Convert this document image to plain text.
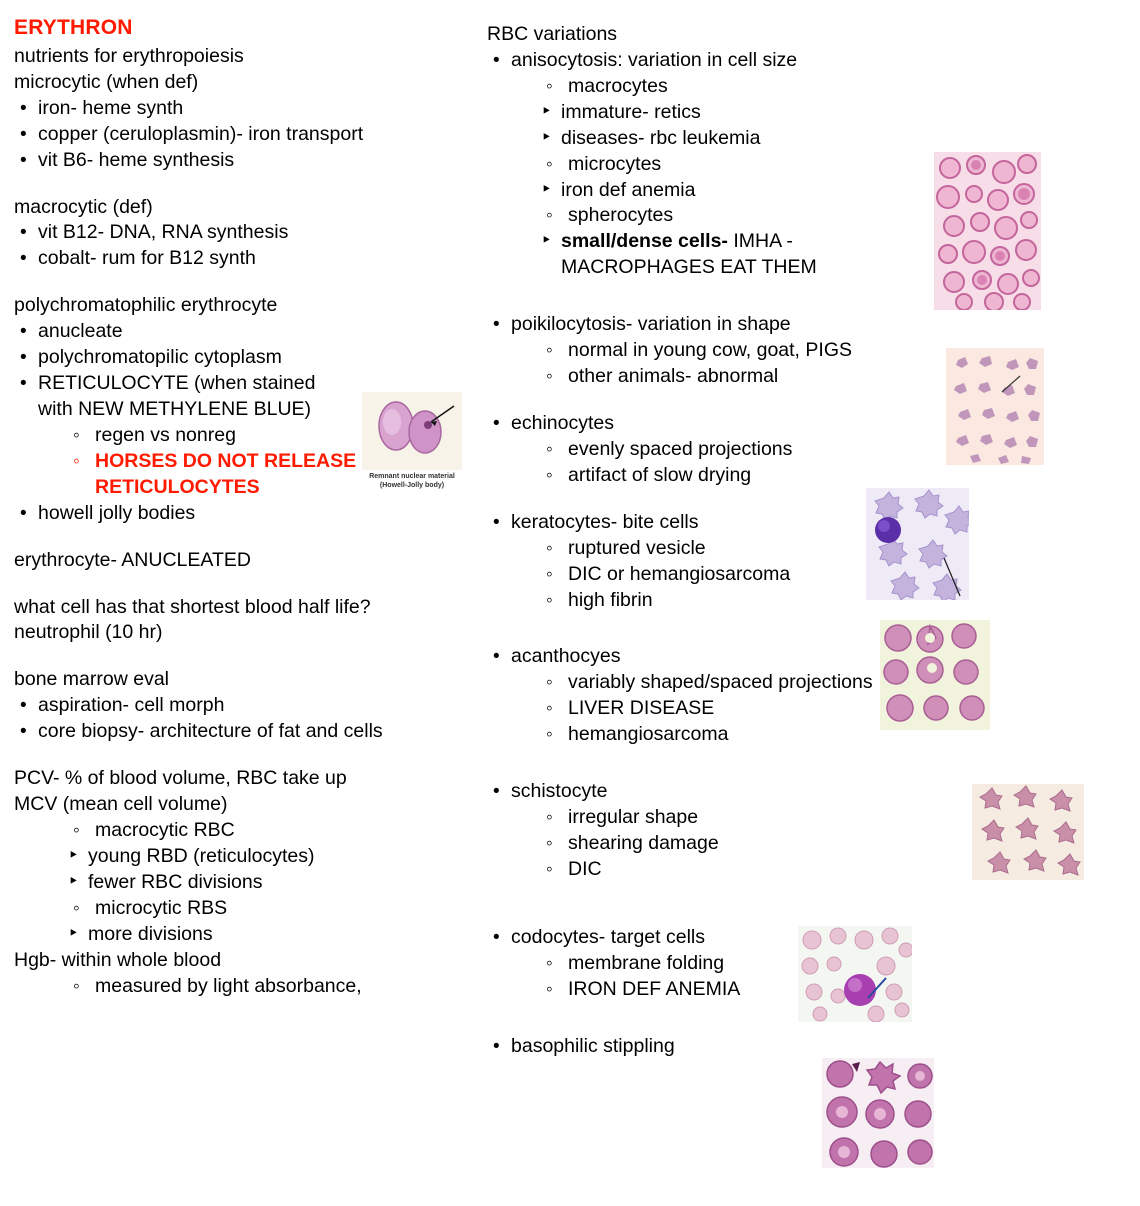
ERYTHRON
nutrients for erythropoiesis
microcytic (when def)
• iron- heme synth
• copper (ceruloplasmin)- iron transport
• vit B6- heme synthesis
macrocytic (def)
• vit B12- DNA, RNA synthesis
• cobalt- rum for B12 synth
polychromatophilic erythrocyte
• anucleate
• polychromatopilic cytoplasm
• RETICULOCYTE (when stained with NEW METHYLENE BLUE)
◦ regen vs nonreg
◦ HORSES DO NOT RELEASE RETICULOCYTES
• howell jolly bodies
erythrocyte- ANUCLEATED
what cell has that shortest blood half life? neutrophil (10 hr)
bone marrow eval
• aspiration- cell morph
• core biopsy- architecture of fat and cells
PCV- % of blood volume, RBC take up
MCV (mean cell volume)
◦ macrocytic RBC
‣ young RBD (reticulocytes)
‣ fewer RBC divisions
◦ microcytic RBS
‣ more divisions
Hgb- within whole blood
◦ measured by light absorbance,
Remnant nuclear material
(Howell-Jolly body)
RBC variations
• anisocytosis: variation in cell size
◦ macrocytes
‣ immature- retics
‣ diseases- rbc leukemia
◦ microcytes
‣ iron def anemia
◦ spherocytes
‣ small/dense cells- IMHA - MACROPHAGES EAT THEM
• poikilocytosis- variation in shape
◦ normal in young cow, goat, PIGS
◦ other animals- abnormal
• echinocytes
◦ evenly spaced projections
◦ artifact of slow drying
• keratocytes- bite cells
◦ ruptured vesicle
◦ DIC or hemangiosarcoma
◦ high fibrin
• acanthocyes
◦ variably shaped/spaced projections
◦ LIVER DISEASE
◦ hemangiosarcoma
• schistocyte
◦ irregular shape
◦ shearing damage
◦ DIC
• codocytes- target cells
◦ membrane folding
◦ IRON DEF ANEMIA
• basophilic stippling
